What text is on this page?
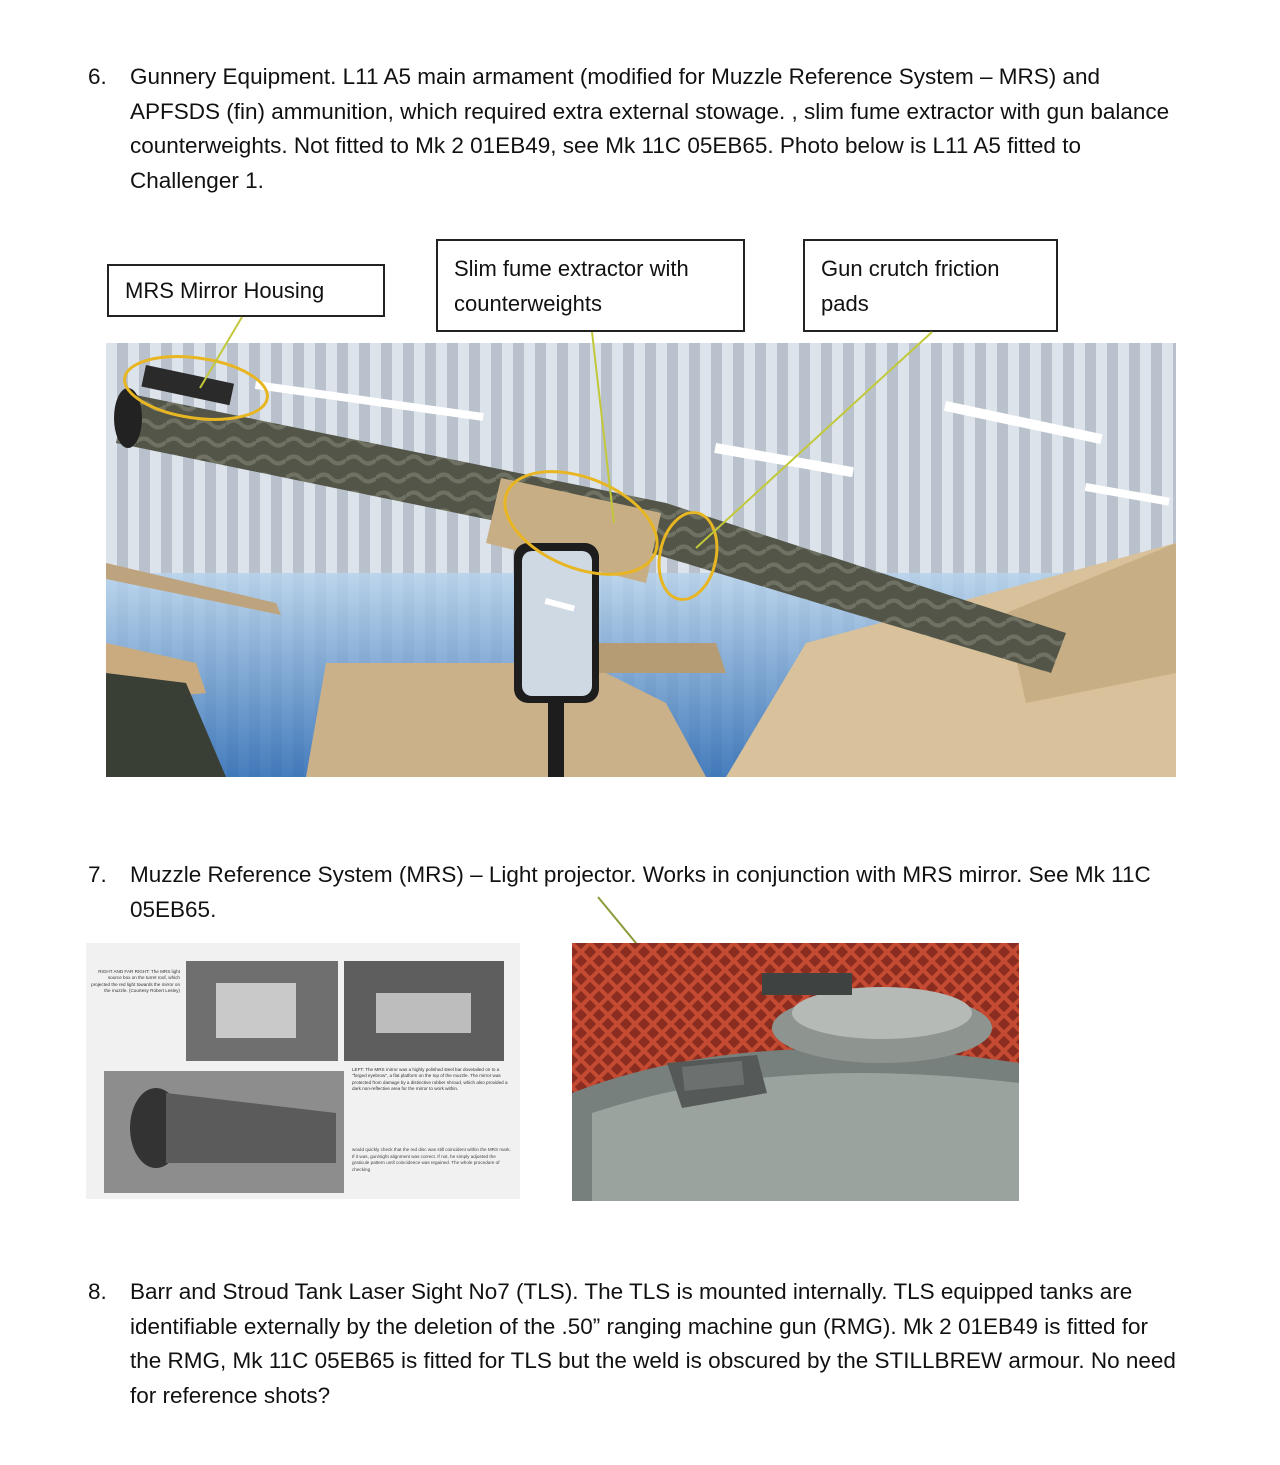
6. Gunnery Equipment. L11 A5 main armament (modified for Muzzle Reference System – MRS) and APFSDS (fin) ammunition, which required extra external stowage. , slim fume extractor with gun balance counterweights. Not fitted to Mk 2 01EB49, see Mk 11C 05EB65. Photo below is L11 A5 fitted to Challenger 1.
MRS Mirror Housing
Slim fume extractor with counterweights
Gun crutch friction pads
7. Muzzle Reference System (MRS) – Light projector. Works in conjunction with MRS mirror. See Mk 11C 05EB65.
RIGHT AND FAR RIGHT: The MRS light source box on the turret roof, which projected the red light towards the mirror on the muzzle. (Courtesy Robert Lesley)
LEFT: The MRS mirror was a highly polished steel bar dovetailed on to a "forged eyebrow", a flat platform on the top of the muzzle. The mirror was protected from damage by a distinctive rubber shroud, which also provided a dark non-reflective area for the mirror to work within.
would quickly check that the red disc was still coincident within the MRS mark. If it was, gun/sight alignment was correct. If not, he simply adjusted the graticule pattern until coincidence was regained. The whole procedure of checking
8. Barr and Stroud Tank Laser Sight No7 (TLS). The TLS is mounted internally. TLS equipped tanks are identifiable externally by the deletion of the .50” ranging machine gun (RMG). Mk 2 01EB49 is fitted for the RMG, Mk 11C 05EB65 is fitted for TLS but the weld is obscured by the STILLBREW armour. No need for reference shots?
